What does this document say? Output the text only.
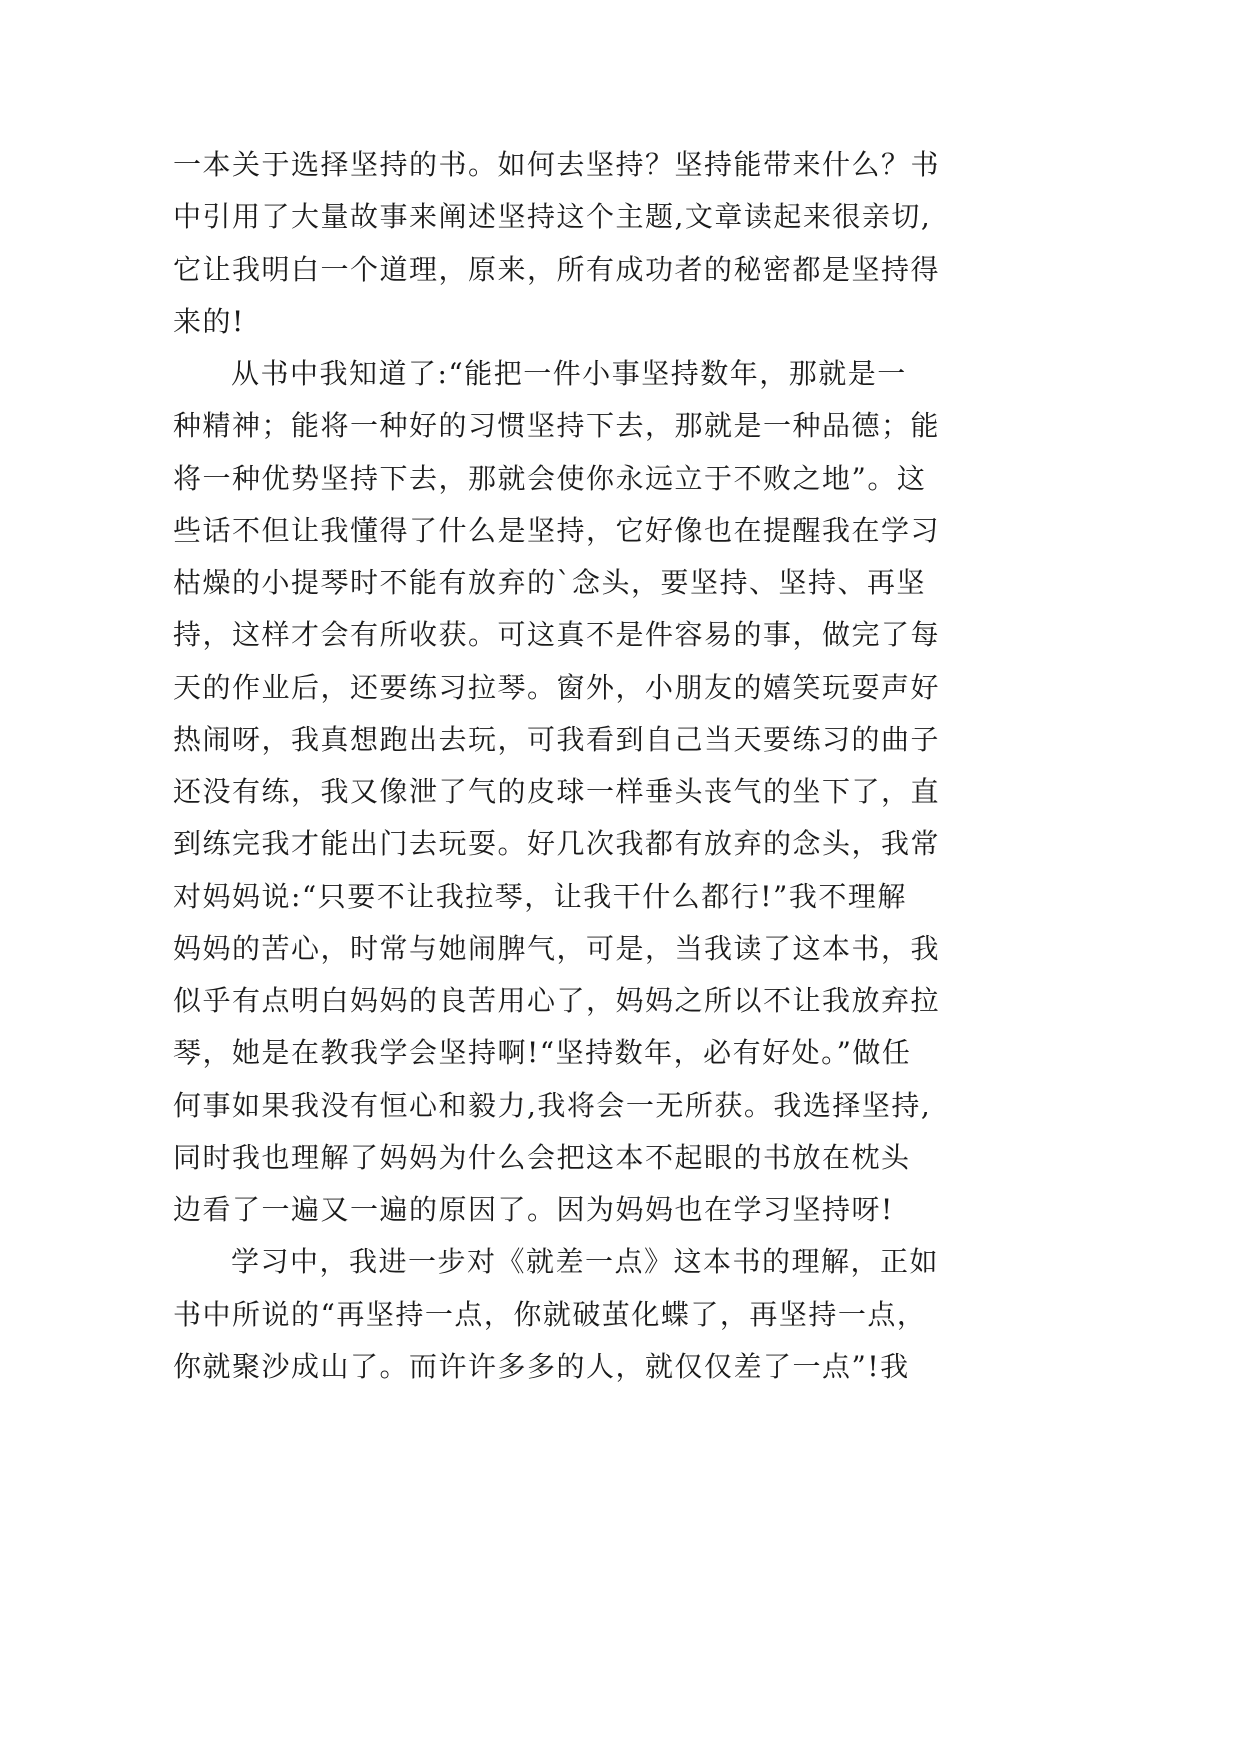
一本关于选择坚持的书。如何去坚持？坚持能带来什么？书
中引用了大量故事来阐述坚持这个主题,文章读起来很亲切,
它让我明白一个道理，原来，所有成功者的秘密都是坚持得
来的!
从书中我知道了:“能把一件小事坚持数年，那就是一
种精神；能将一种好的习惯坚持下去，那就是一种品德；能
将一种优势坚持下去，那就会使你永远立于不败之地”。这
些话不但让我懂得了什么是坚持，它好像也在提醒我在学习
枯燥的小提琴时不能有放弃的`念头，要坚持、坚持、再坚
持，这样才会有所收获。可这真不是件容易的事，做完了每
天的作业后，还要练习拉琴。窗外，小朋友的嬉笑玩耍声好
热闹呀，我真想跑出去玩，可我看到自己当天要练习的曲子
还没有练，我又像泄了气的皮球一样垂头丧气的坐下了，直
到练完我才能出门去玩耍。好几次我都有放弃的念头，我常
对妈妈说:“只要不让我拉琴，让我干什么都行!”我不理解
妈妈的苦心，时常与她闹脾气，可是，当我读了这本书，我
似乎有点明白妈妈的良苦用心了，妈妈之所以不让我放弃拉
琴，她是在教我学会坚持啊!“坚持数年，必有好处。”做任
何事如果我没有恒心和毅力,我将会一无所获。我选择坚持,
同时我也理解了妈妈为什么会把这本不起眼的书放在枕头
边看了一遍又一遍的原因了。因为妈妈也在学习坚持呀!
学习中，我进一步对《就差一点》这本书的理解，正如
书中所说的“再坚持一点，你就破茧化蝶了，再坚持一点，
你就聚沙成山了。而许许多多的人，就仅仅差了一点”!我
